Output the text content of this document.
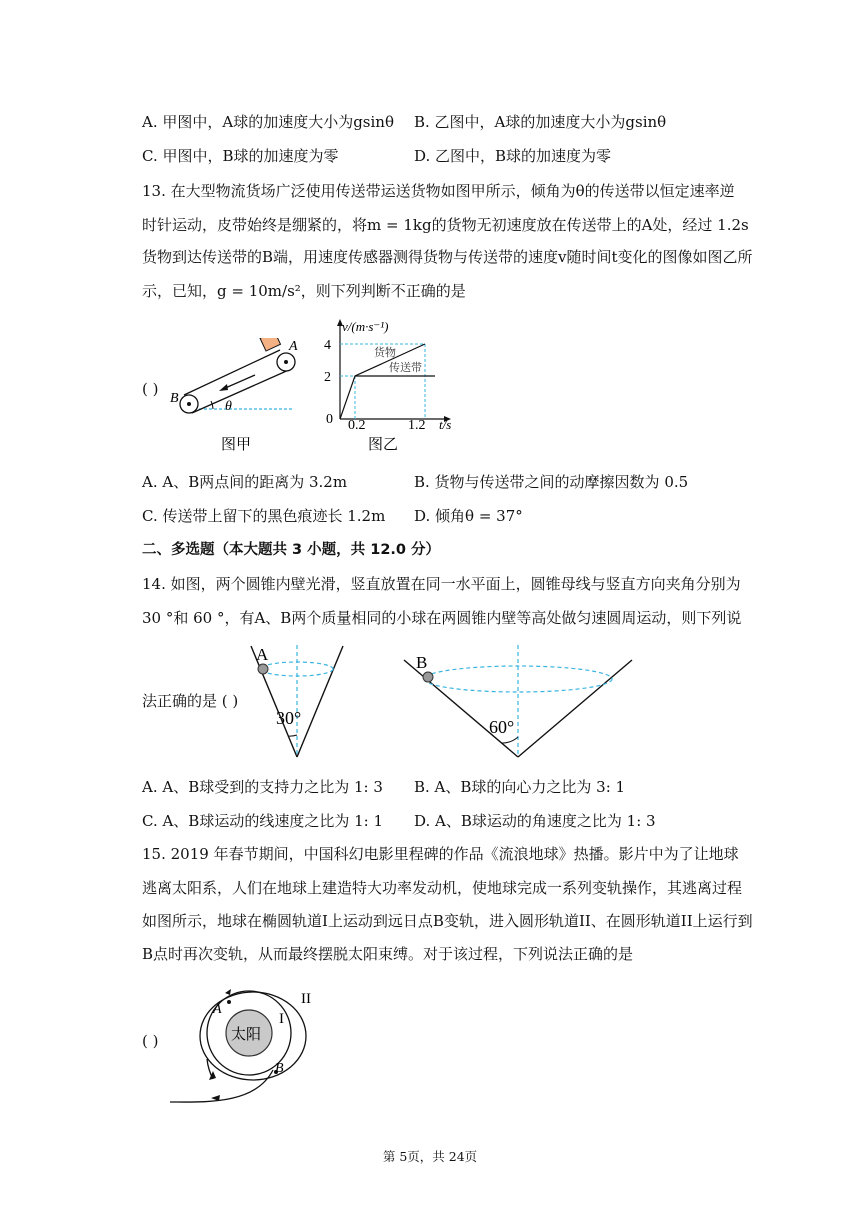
A. 甲图中，A球的加速度大小为gsinθ B. 乙图中，A球的加速度大小为gsinθ
C. 甲图中，B球的加速度为零	D. 乙图中，B球的加速度为零
13. 在大型物流货场广泛使用传送带运送货物如图甲所示，倾角为θ的传送带以恒定速率逆
时针运动，皮带始终是绷紧的，将m = 1kg的货物无初速度放在传送带上的A处，经过 1.2s
货物到达传送带的B端，用速度传感器测得货物与传送带的速度v随时间t变化的图像如图乙所
示，已知，g = 10m/s²，则下列判断不正确的是
( )
θ
A
B
图甲
v/(m·s⁻¹)
t/s
4
2
0 0.2	1.2
货物
传送带
图乙
A. A、B两点间的距离为 3.2m	B. 货物与传送带之间的动摩擦因数为 0.5
C. 传送带上留下的黑色痕迹长 1.2m D. 倾角θ = 37°
二、多选题（本大题共 3 小题，共 12.0 分）
14. 如图，两个圆锥内壁光滑，竖直放置在同一水平面上，圆锥母线与竖直方向夹角分别为
30 °和 60 °，有A、B两个质量相同的小球在两圆锥内壁等高处做匀速圆周运动，则下列说
法正确的是 ( )
A
30°
B
60°
A. A、B球受到的支持力之比为 1: 3 B. A、B球的向心力之比为 3: 1
C. A、B球运动的线速度之比为 1: 1 D. A、B球运动的角速度之比为 1: 3
15. 2019 年春节期间，中国科幻电影里程碑的作品《流浪地球》热播。影片中为了让地球
逃离太阳系，人们在地球上建造特大功率发动机，使地球完成一系列变轨操作，其逃离过程
如图所示，地球在椭圆轨道I上运动到远日点B变轨，进入圆形轨道II、在圆形轨道II上运行到
B点时再次变轨，从而最终摆脱太阳束缚。对于该过程，下列说法正确的是
( )	太阳
A
B
I
II
第 5页，共 24页
